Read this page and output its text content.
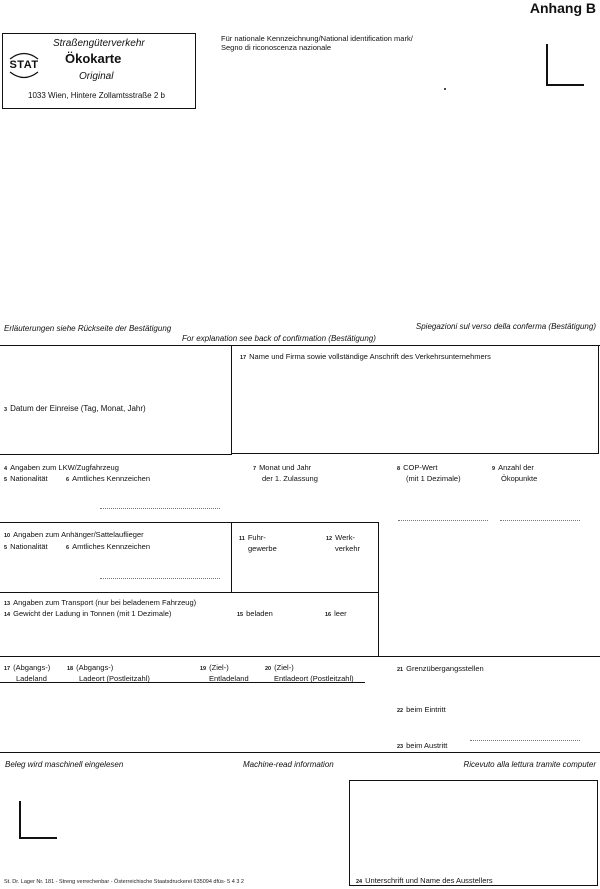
Anhang B
STAT
Straßengüterverkehr
Ökokarte
Original
1033 Wien, Hintere Zollamtsstraße 2 b
Für nationale Kennzeichnung/National identification mark/
Segno di riconoscenza nazionale
Erläuterungen siehe Rückseite der Bestätigung	Spiegazioni sul verso della conferma (Bestätigung)
For explanation see back of confirmation (Bestätigung)
17 Name und Firma sowie vollständige Anschrift des Verkehrsunternehmers
3 Datum der Einreise (Tag, Monat, Jahr)
4 Angaben zum LKW/Zugfahrzeug
5 Nationalität	6 Amtliches Kennzeichen
7 Monat und Jahr
der 1. Zulassung
8 COP-Wert
(mit 1 Dezimale)
9 Anzahl der
Ökopunkte
10 Angaben zum Anhänger/Sattelauflieger
5 Nationalität	6 Amtliches Kennzeichen
11 Fuhr-
gewerbe
12 Werk-
verkehr
13 Angaben zum Transport (nur bei beladenem Fahrzeug)
14 Gewicht der Ladung in Tonnen (mit 1 Dezimale)	15 beladen	16 leer
17 (Abgangs-)
Ladeland
18 (Abgangs-)
Ladeort (Postleitzahl)
19 (Ziel-)
Entladeland
20 (Ziel-)
Entladeort (Postleitzahl)
21 Grenzübergangsstellen
22 beim Eintritt
23 beim Austritt
Beleg wird maschinell eingelesen	Machine-read information	Ricevuto alla lettura tramite computer
24 Unterschrift und Name des Ausstellers
St. Dr. Lager Nr. 181 - Streng verrechenbar - Österreichische Staatsdruckerei 635094 dfüs- 5 4 3 2
